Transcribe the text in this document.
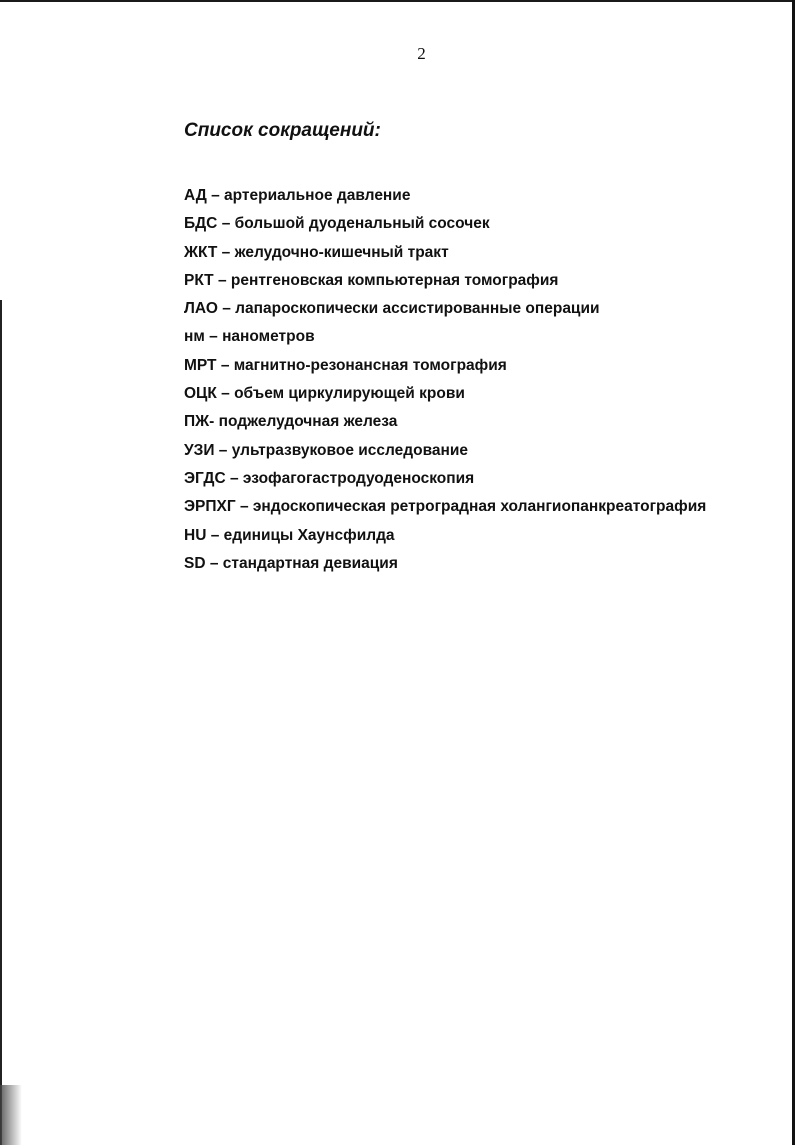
2
Список сокращений:
АД – артериальное давление
БДС – большой дуоденальный сосочек
ЖКТ – желудочно-кишечный тракт
РКТ – рентгеновская компьютерная томография
ЛАО – лапароскопически ассистированные операции
нм – нанометров
МРТ – магнитно-резонансная томография
ОЦК – объем циркулирующей крови
ПЖ- поджелудочная железа
УЗИ – ультразвуковое исследование
ЭГДС – эзофагогастродуоденоскопия
ЭРПХГ – эндоскопическая ретроградная холангиопанкреатография
HU – единицы Хаунсфилда
SD – стандартная девиация
